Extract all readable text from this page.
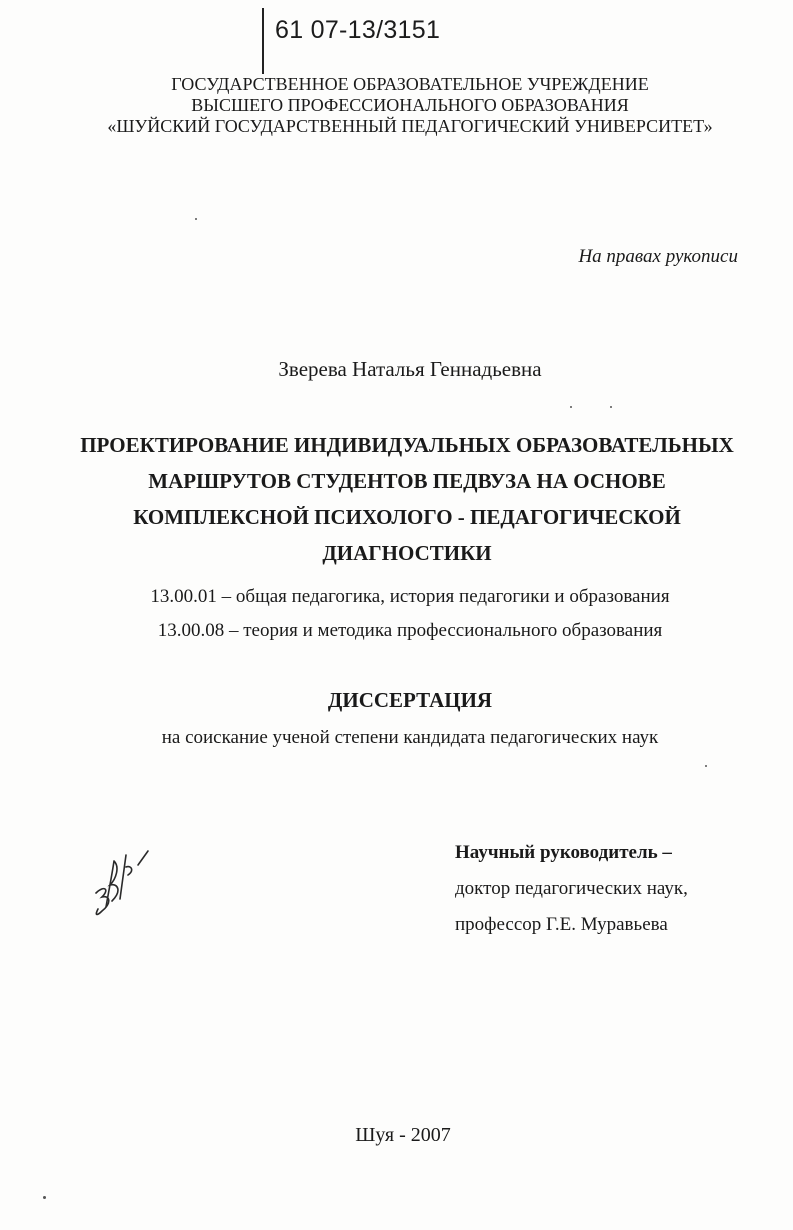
61 07-13/3151
ГОСУДАРСТВЕННОЕ ОБРАЗОВАТЕЛЬНОЕ УЧРЕЖДЕНИЕ
ВЫСШЕГО ПРОФЕССИОНАЛЬНОГО ОБРАЗОВАНИЯ
«ШУЙСКИЙ ГОСУДАРСТВЕННЫЙ ПЕДАГОГИЧЕСКИЙ УНИВЕРСИТЕТ»
На правах рукописи
Зверева Наталья Геннадьевна
ПРОЕКТИРОВАНИЕ ИНДИВИДУАЛЬНЫХ ОБРАЗОВАТЕЛЬНЫХ
МАРШРУТОВ СТУДЕНТОВ ПЕДВУЗА НА ОСНОВЕ
КОМПЛЕКСНОЙ ПСИХОЛОГО - ПЕДАГОГИЧЕСКОЙ
ДИАГНОСТИКИ
13.00.01 – общая педагогика, история педагогики и образования
13.00.08 – теория и методика профессионального образования
ДИССЕРТАЦИЯ
на соискание ученой степени кандидата педагогических наук
Научный руководитель –
доктор педагогических наук,
профессор Г.Е. Муравьева
Шуя - 2007
